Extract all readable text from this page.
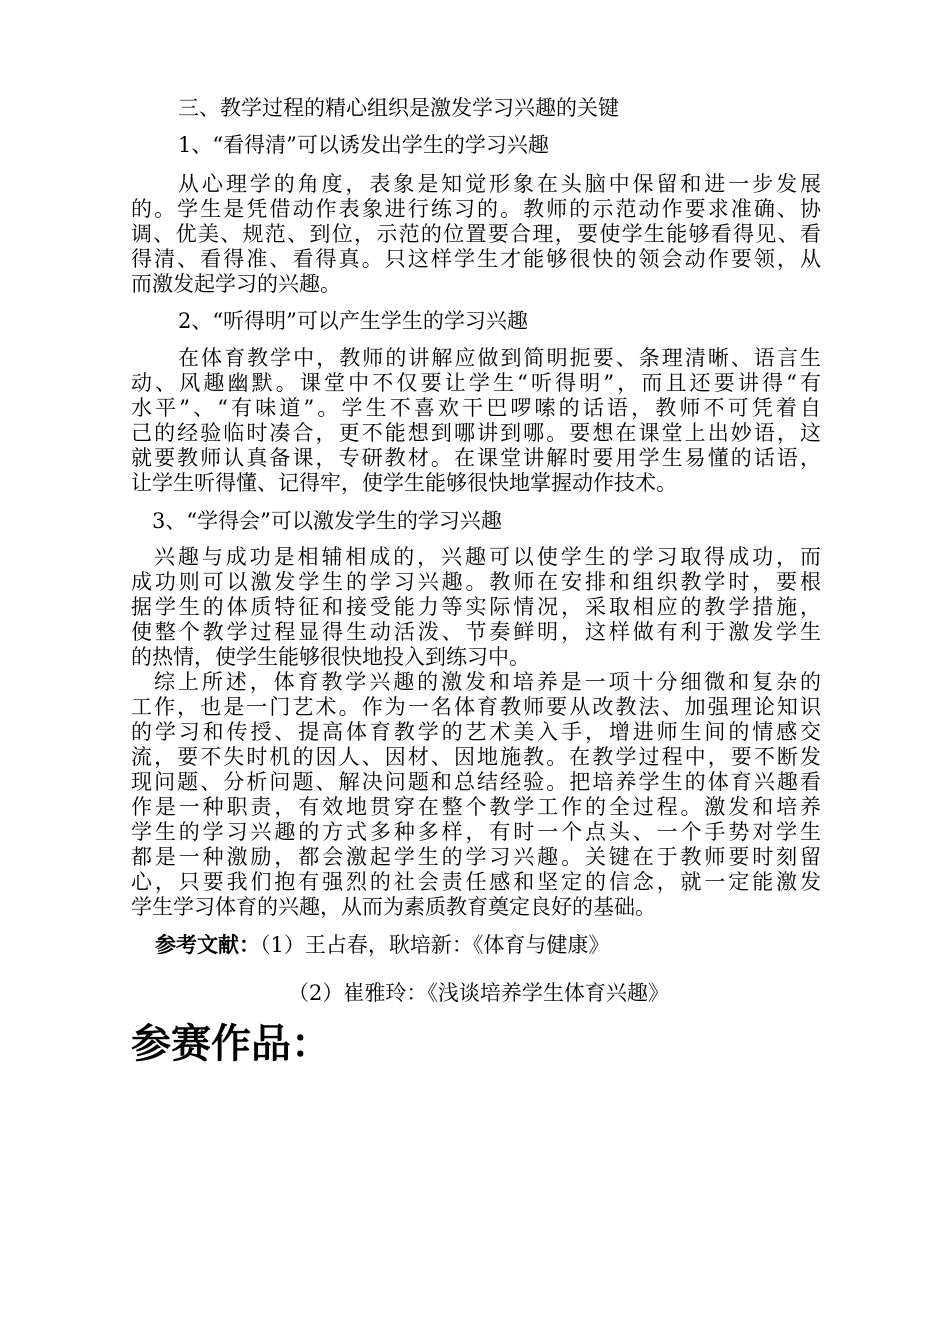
三、教学过程的精心组织是激发学习兴趣的关键
1、“看得清”可以诱发出学生的学习兴趣
从心理学的角度，表象是知觉形象在头脑中保留和进一步发展
的。学生是凭借动作表象进行练习的。教师的示范动作要求准确、协
调、优美、规范、到位，示范的位置要合理，要使学生能够看得见、看
得清、看得准、看得真。只这样学生才能够很快的领会动作要领，从
而激发起学习的兴趣。
2、“听得明”可以产生学生的学习兴趣
在体育教学中，教师的讲解应做到简明扼要、条理清晰、语言生
动、风趣幽默。课堂中不仅要让学生“听得明”，而且还要讲得“有
水平”、“有味道”。学生不喜欢干巴啰嗦的话语，教师不可凭着自
己的经验临时凑合，更不能想到哪讲到哪。要想在课堂上出妙语，这
就要教师认真备课，专研教材。在课堂讲解时要用学生易懂的话语，
让学生听得懂、记得牢，使学生能够很快地掌握动作技术。
3、“学得会”可以激发学生的学习兴趣
兴趣与成功是相辅相成的，兴趣可以使学生的学习取得成功，而
成功则可以激发学生的学习兴趣。教师在安排和组织教学时，要根
据学生的体质特征和接受能力等实际情况，采取相应的教学措施，
使整个教学过程显得生动活泼、节奏鲜明，这样做有利于激发学生
的热情，使学生能够很快地投入到练习中。
综上所述，体育教学兴趣的激发和培养是一项十分细微和复杂的
工作，也是一门艺术。作为一名体育教师要从改教法、加强理论知识
的学习和传授、提高体育教学的艺术美入手，增进师生间的情感交
流，要不失时机的因人、因材、因地施教。在教学过程中，要不断发
现问题、分析问题、解决问题和总结经验。把培养学生的体育兴趣看
作是一种职责，有效地贯穿在整个教学工作的全过程。激发和培养
学生的学习兴趣的方式多种多样，有时一个点头、一个手势对学生
都是一种激励，都会激起学生的学习兴趣。关键在于教师要时刻留
心，只要我们抱有强烈的社会责任感和坚定的信念，就一定能激发
学生学习体育的兴趣，从而为素质教育奠定良好的基础。
参考文献：（1）王占春，耿培新：《体育与健康》
（2）崔雅玲：《浅谈培养学生体育兴趣》
参赛作品：
